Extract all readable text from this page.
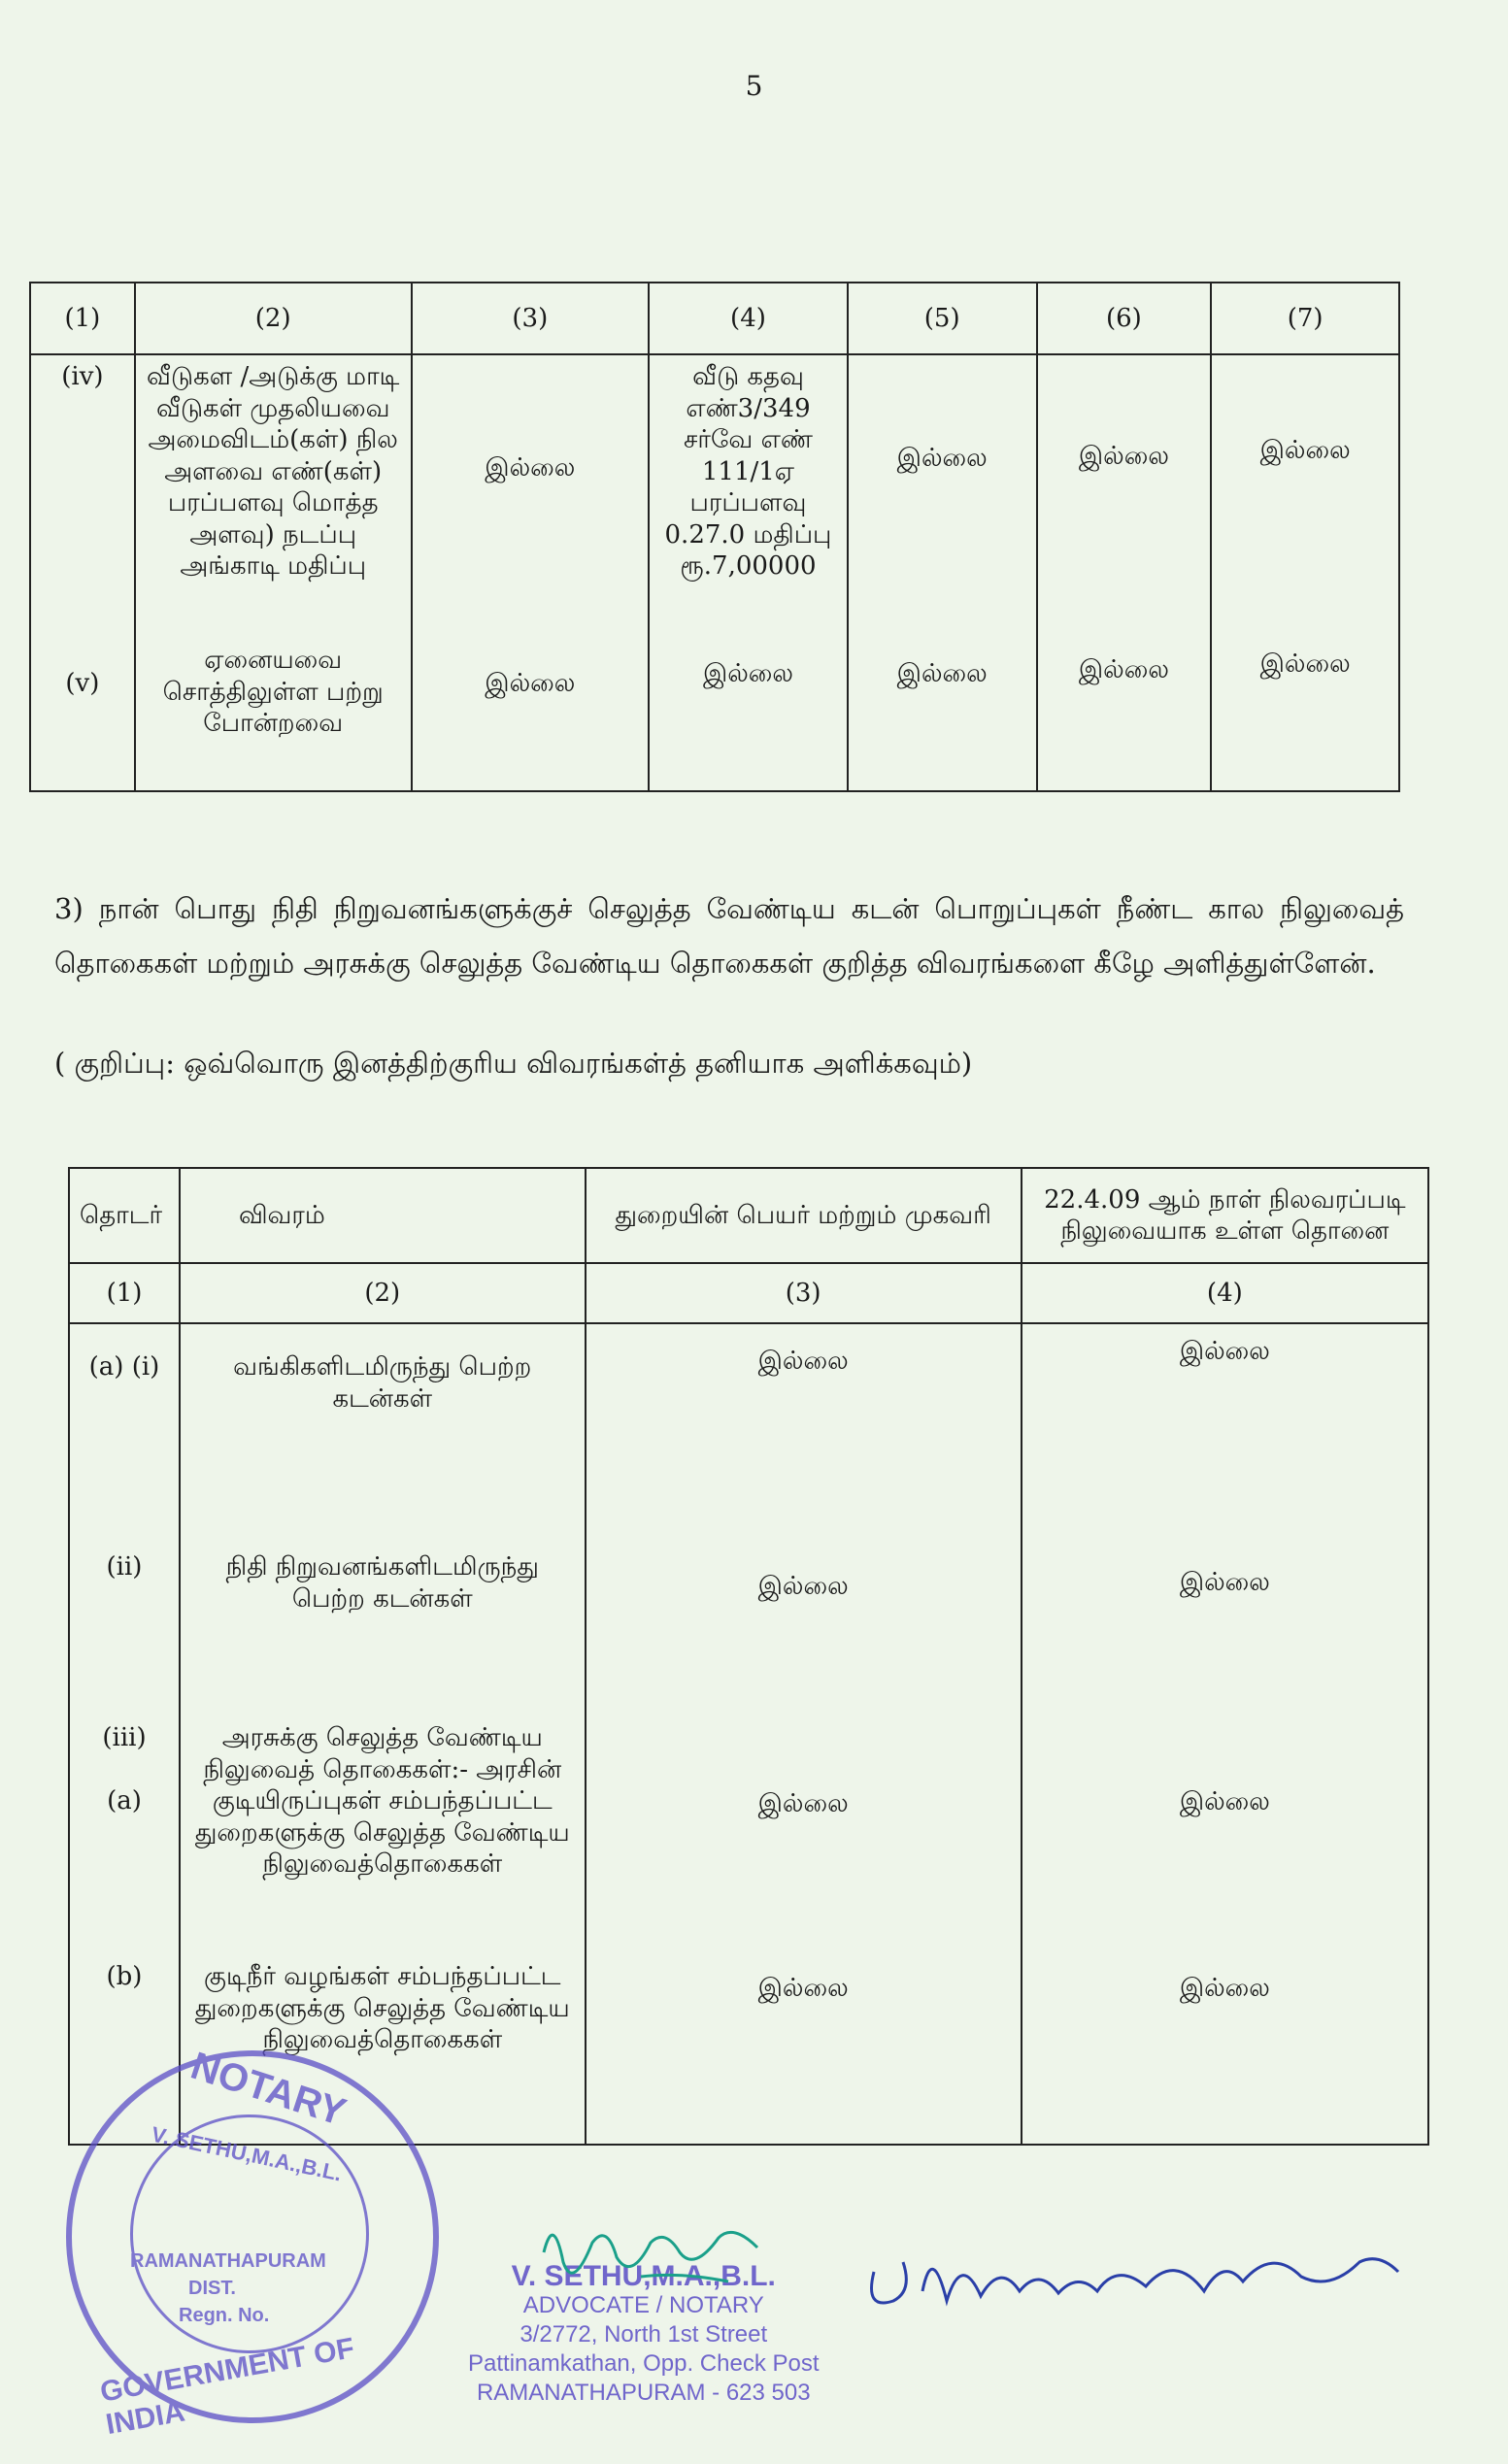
5
(1)	(2)	(3)	(4)	(5)	(6)	(7)
(iv)	வீடுகள /அடுக்கு மாடி வீடுகள் முதலியவை அமைவிடம்(கள்) நில அளவை எண்(கள்) பரப்பளவு மொத்த அளவு) நடப்பு அங்காடி மதிப்பு	இல்லை	வீடு கதவு எண்3/349 சர்வே எண் 111/1ஏ பரப்பளவு 0.27.0 மதிப்பு ரூ.7,00000	இல்லை	இல்லை	இல்லை
(v)	ஏனையவை சொத்திலுள்ள பற்று போன்றவை	இல்லை	இல்லை	இல்லை	இல்லை	இல்லை

3) நான் பொது நிதி நிறுவனங்களுக்குச் செலுத்த வேண்டிய கடன் பொறுப்புகள் நீண்ட கால நிலுவைத் தொகைகள் மற்றும் அரசுக்கு செலுத்த வேண்டிய தொகைகள் குறித்த விவரங்களை கீழே அளித்துள்ளேன்.

( குறிப்பு: ஒவ்வொரு இனத்திற்குரிய விவரங்கள்த் தனியாக அளிக்கவும்)
தொடர்	விவரம்	துறையின் பெயர் மற்றும் முகவரி	22.4.09 ஆம் நாள் நிலவரப்படி நிலுவையாக உள்ள தொனை
(1)	(2)	(3)	(4)
(a) (i)	வங்கிகளிடமிருந்து பெற்ற கடன்கள்	இல்லை	இல்லை
(ii)	நிதி நிறுவனங்களிடமிருந்து பெற்ற கடன்கள்	இல்லை	இல்லை

(iii)
(a)	அரசுக்கு செலுத்த வேண்டிய நிலுவைத் தொகைகள்:- அரசின் குடியிருப்புகள் சம்பந்தப்பட்ட துறைகளுக்கு செலுத்த வேண்டிய நிலுவைத்தொகைகள்	இல்லை	இல்லை
(b)	குடிநீர் வழங்கள் சம்பந்தப்பட்ட துறைகளுக்கு செலுத்த வேண்டிய நிலுவைத்தொகைகள்	இல்லை	இல்லை
NOTARY
V. SETHU,M.A.,B.L.
RAMANATHAPURAM
DIST.
Regn. No.
GOVERNMENT OF INDIA
V. SETHU,M.A.,B.L.
ADVOCATE / NOTARY
3/2772, North 1st Street
Pattinamkathan, Opp. Check Post
RAMANATHAPURAM - 623 503
